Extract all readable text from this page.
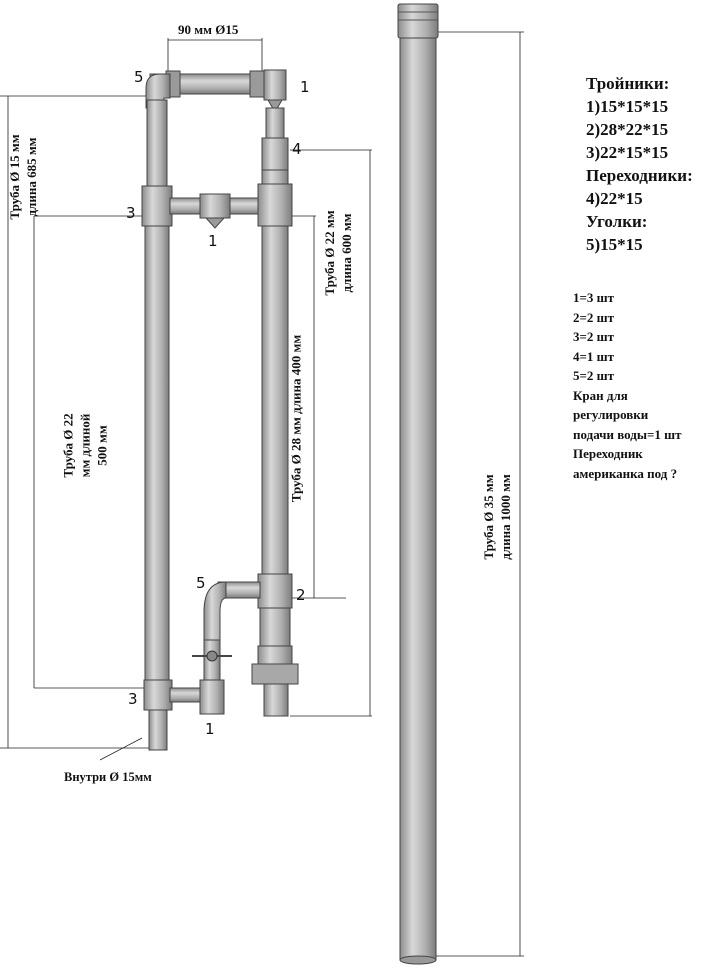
90 мм Ø15
Труба Ø 15 мм длина 685 мм
Труба Ø 22 мм длиной 500 мм
Труба Ø 22 мм длина 600 мм
Труба Ø 28 мм длина 400 мм
Труба Ø 35 мм длина 1000 мм
Внутри Ø 15мм
5
1
4
3
1
5
2
3
1
Тройники:
1)15*15*15
2)28*22*15
3)22*15*15
Переходники:
4)22*15
Уголки:
5)15*15
1=3 шт
2=2 шт
3=2 шт
4=1 шт
5=2 шт
Кран для
регулировки
подачи воды=1 шт
Переходник
американка под ?
